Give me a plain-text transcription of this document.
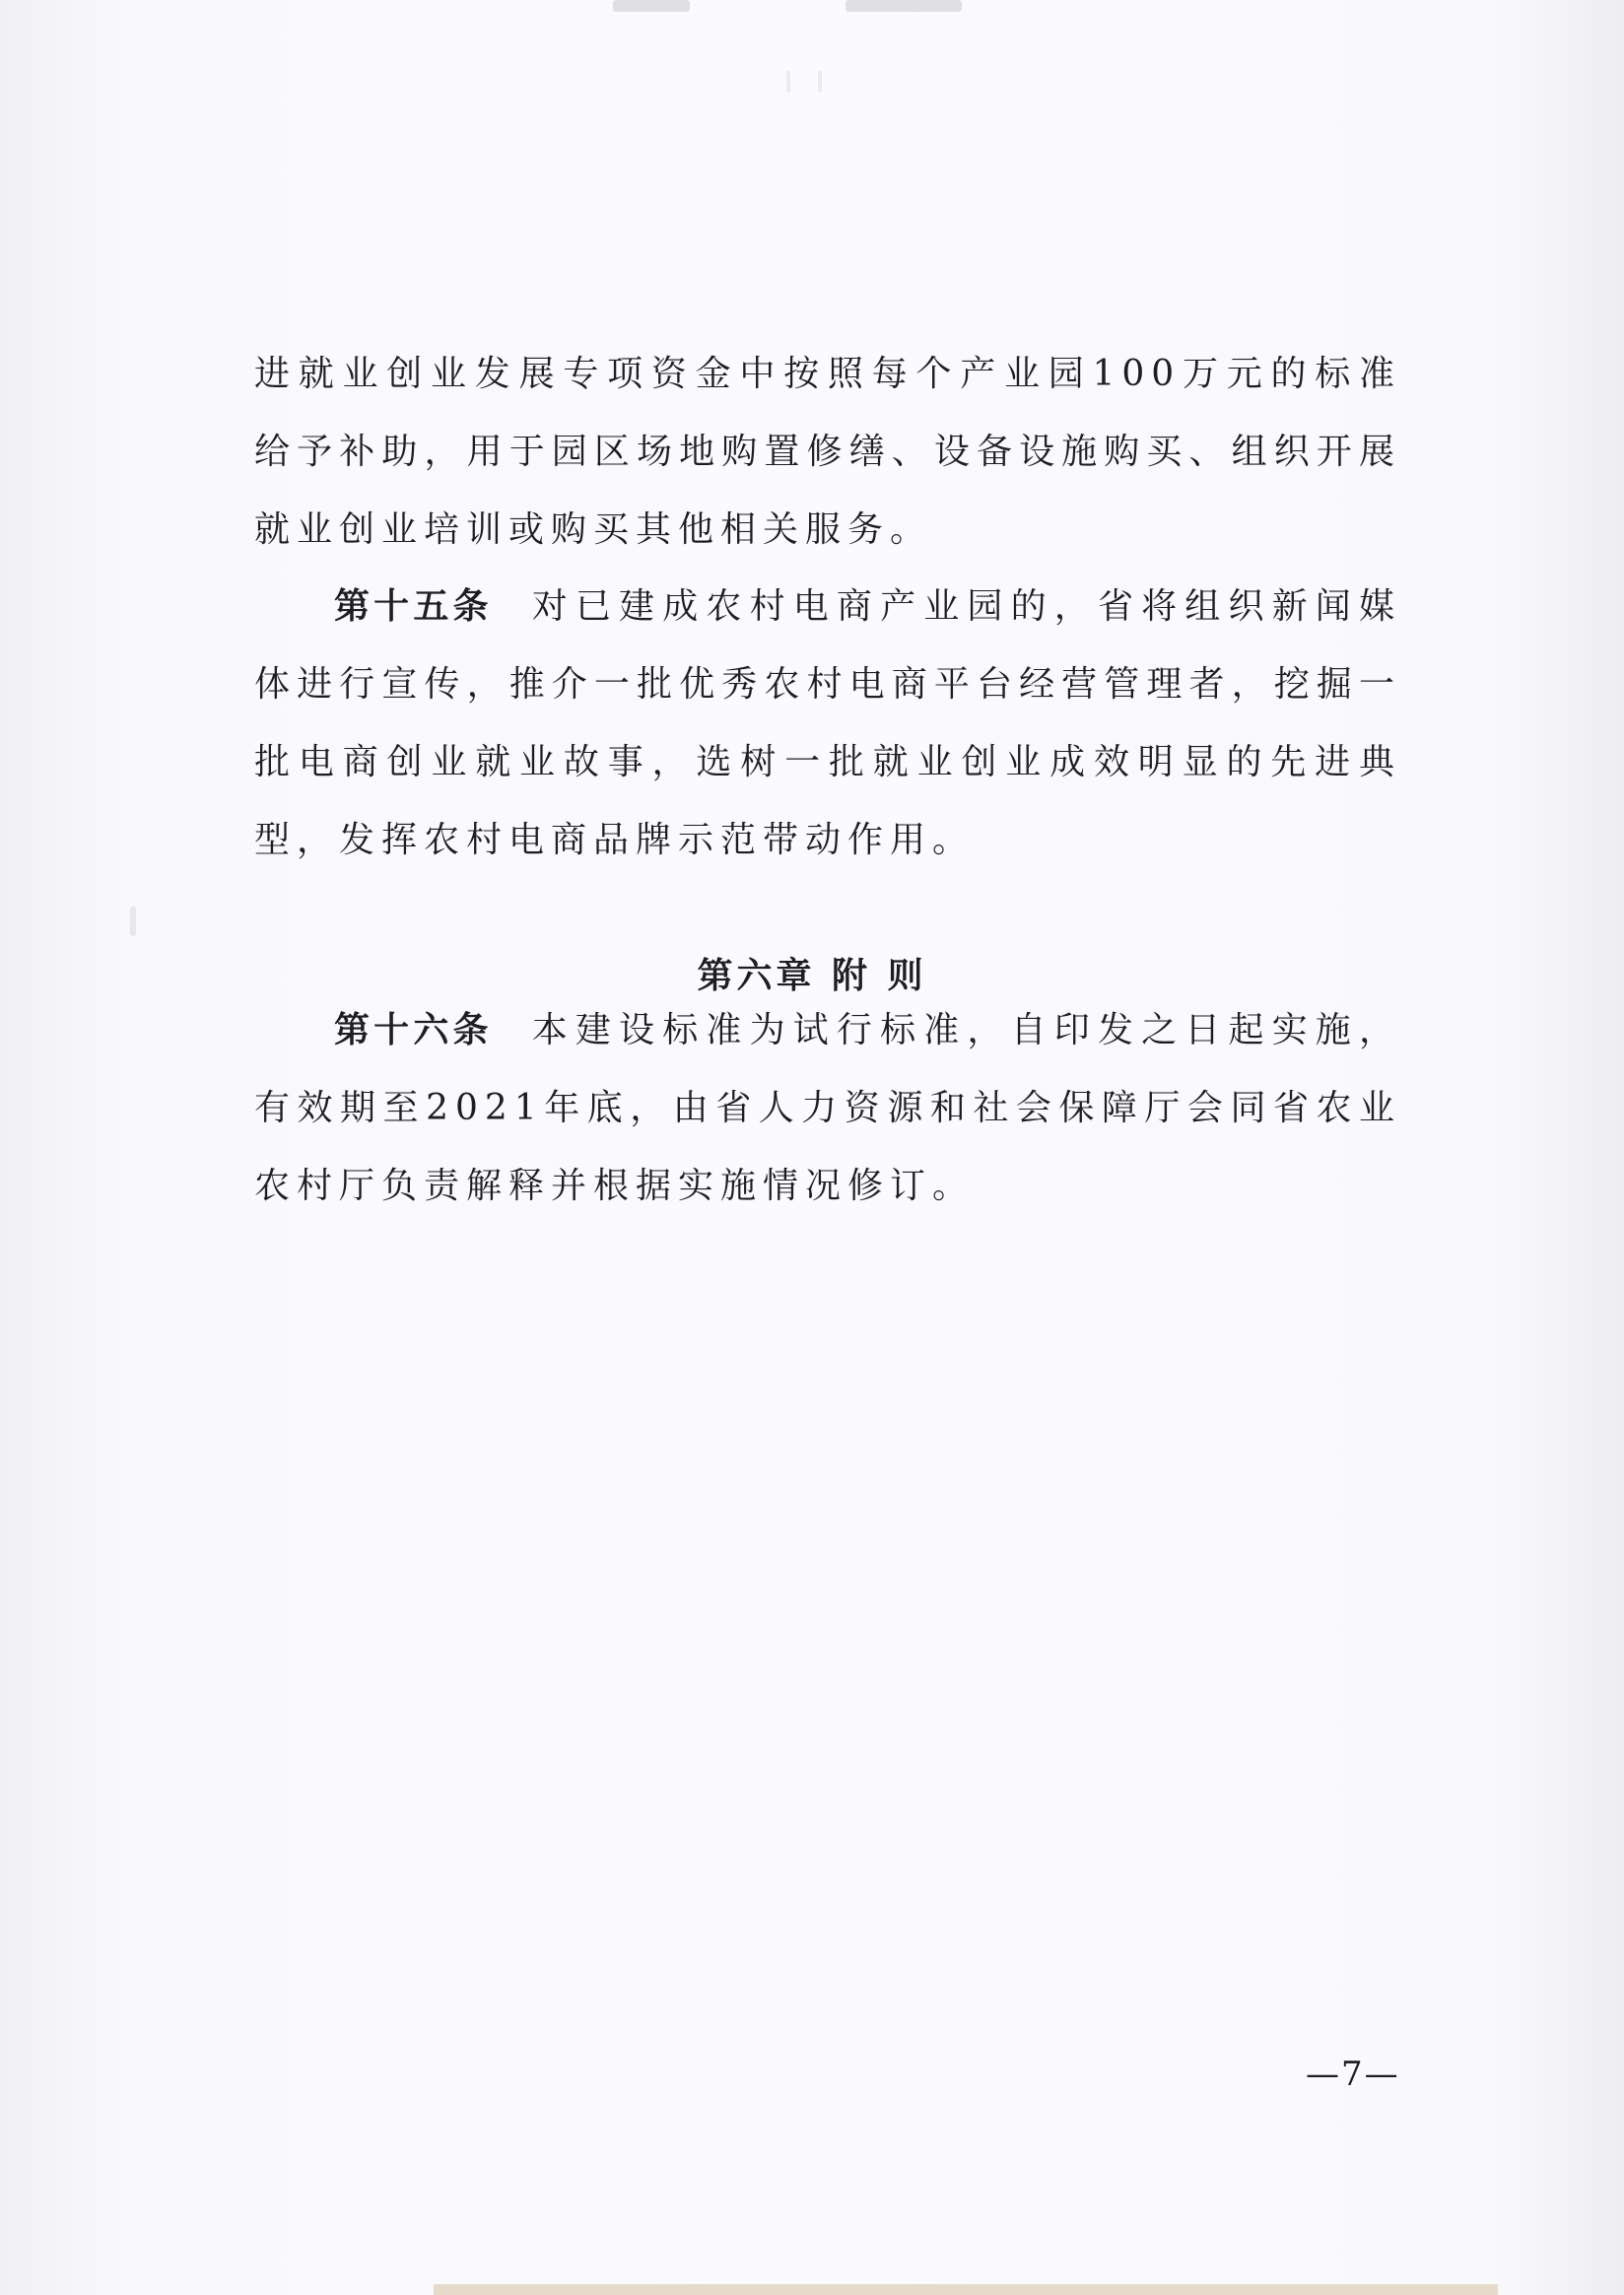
进就业创业发展专项资金中按照每个产业园100万元的标准给予补助，用于园区场地购置修缮、设备设施购买、组织开展就业创业培训或购买其他相关服务。

第十五条 对已建成农村电商产业园的，省将组织新闻媒体进行宣传，推介一批优秀农村电商平台经营管理者，挖掘一批电商创业就业故事，选树一批就业创业成效明显的先进典型，发挥农村电商品牌示范带动作用。

第六章 附 则

第十六条 本建设标准为试行标准，自印发之日起实施，有效期至2021年底，由省人力资源和社会保障厅会同省农业农村厅负责解释并根据实施情况修订。

—7—
